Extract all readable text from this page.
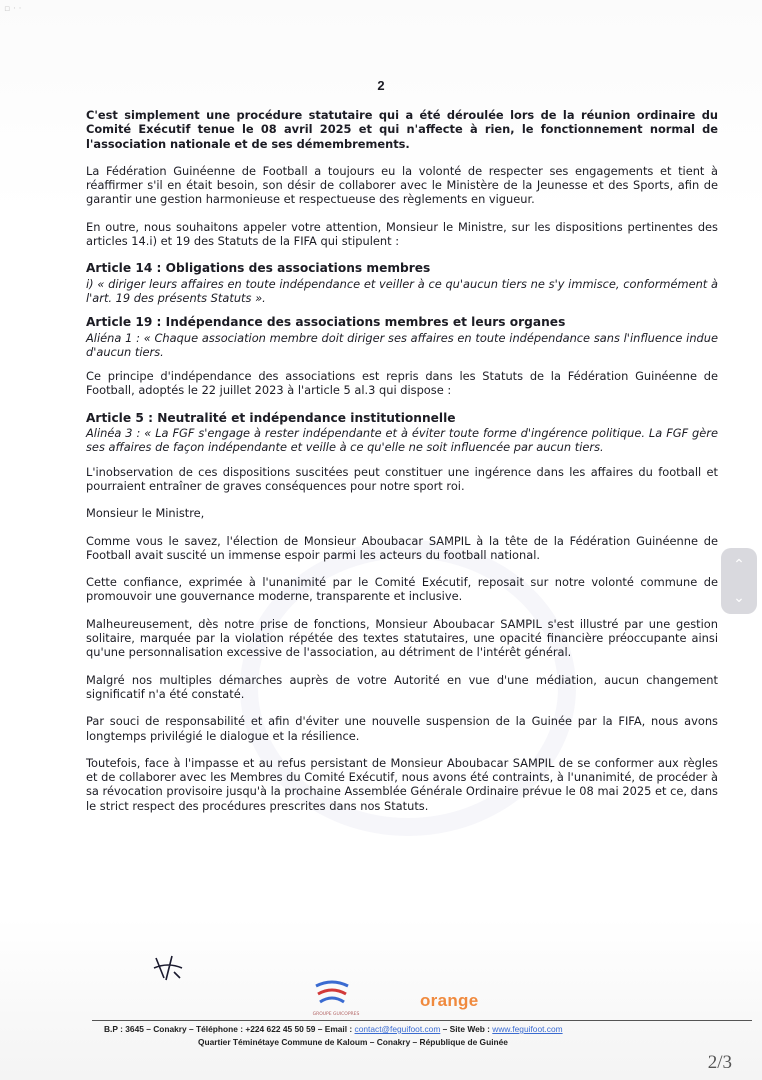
▫ · ·
2

C'est simplement une procédure statutaire qui a été déroulée lors de la réunion ordinaire du Comité Exécutif tenue le 08 avril 2025 et qui n'affecte à rien, le fonctionnement normal de l'association nationale et de ses démembrements.

La Fédération Guinéenne de Football a toujours eu la volonté de respecter ses engagements et tient à réaffirmer s'il en était besoin, son désir de collaborer avec le Ministère de la Jeunesse et des Sports, afin de garantir une gestion harmonieuse et respectueuse des règlements en vigueur.

En outre, nous souhaitons appeler votre attention, Monsieur le Ministre, sur les dispositions pertinentes des articles 14.i) et 19 des Statuts de la FIFA qui stipulent :

Article 14 : Obligations des associations membres

i) « diriger leurs affaires en toute indépendance et veiller à ce qu'aucun tiers ne s'y immisce, conformément à l'art. 19 des présents Statuts ».

Article 19 : Indépendance des associations membres et leurs organes

Aliéna 1 : « Chaque association membre doit diriger ses affaires en toute indépendance sans l'influence indue d'aucun tiers.

Ce principe d'indépendance des associations est repris dans les Statuts de la Fédération Guinéenne de Football, adoptés le 22 juillet 2023 à l'article 5 al.3 qui dispose :

Article 5 : Neutralité et indépendance institutionnelle

Alinéa 3 : « La FGF s'engage à rester indépendante et à éviter toute forme d'ingérence politique. La FGF gère ses affaires de façon indépendante et veille à ce qu'elle ne soit influencée par aucun tiers.

L'inobservation de ces dispositions suscitées peut constituer une ingérence dans les affaires du football et pourraient entraîner de graves conséquences pour notre sport roi.

Monsieur le Ministre,

Comme vous le savez, l'élection de Monsieur Aboubacar SAMPIL à la tête de la Fédération Guinéenne de Football avait suscité un immense espoir parmi les acteurs du football national.

Cette confiance, exprimée à l'unanimité par le Comité Exécutif, reposait sur notre volonté commune de promouvoir une gouvernance moderne, transparente et inclusive.

Malheureusement, dès notre prise de fonctions, Monsieur Aboubacar SAMPIL s'est illustré par une gestion solitaire, marquée par la violation répétée des textes statutaires, une opacité financière préoccupante ainsi qu'une personnalisation excessive de l'association, au détriment de l'intérêt général.

Malgré nos multiples démarches auprès de votre Autorité en vue d'une médiation, aucun changement significatif n'a été constaté.

Par souci de responsabilité et afin d'éviter une nouvelle suspension de la Guinée par la FIFA, nous avons longtemps privilégié le dialogue et la résilience.

Toutefois, face à l'impasse et au refus persistant de Monsieur Aboubacar SAMPIL de se conformer aux règles et de collaborer avec les Membres du Comité Exécutif, nous avons été contraints, à l'unanimité, de procéder à sa révocation provisoire jusqu'à la prochaine Assemblée Générale Ordinaire prévue le 08 mai 2025 et ce, dans le strict respect des procédures prescrites dans nos Statuts.

⌃
⌄
GROUPE GUICOPRES
orange
B.P : 3645 – Conakry – Téléphone : +224 622 45 50 59 – Email : contact@feguifoot.com – Site Web : www.feguifoot.com
Quartier Téminétaye Commune de Kaloum – Conakry – République de Guinée
2/3
